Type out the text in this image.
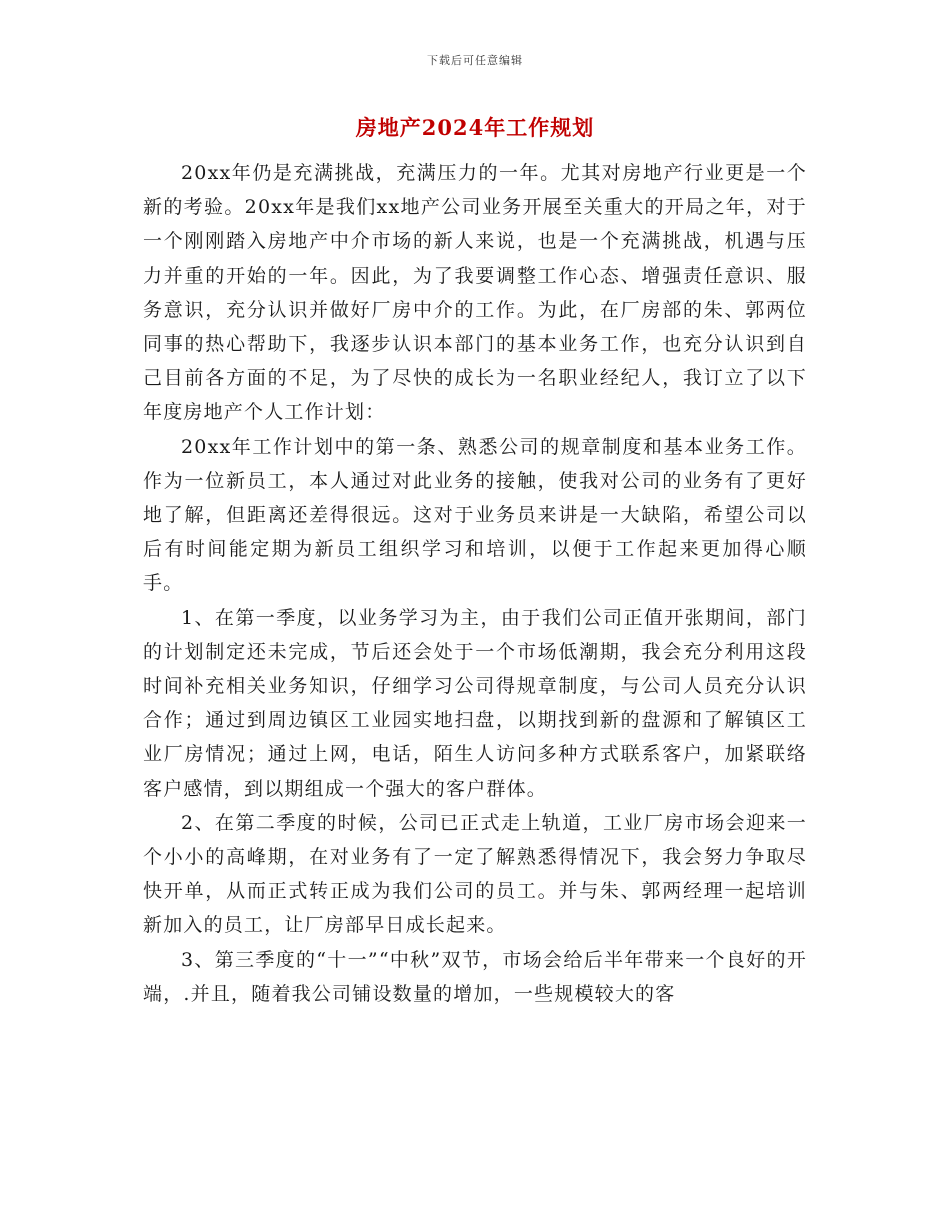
下载后可任意编辑
房地产2024年工作规划

20xx年仍是充满挑战，充满压力的一年。尤其对房地产行业更是一个新的考验。20xx年是我们xx地产公司业务开展至关重大的开局之年，对于一个刚刚踏入房地产中介市场的新人来说，也是一个充满挑战，机遇与压力并重的开始的一年。因此，为了我要调整工作心态、增强责任意识、服务意识，充分认识并做好厂房中介的工作。为此，在厂房部的朱、郭两位同事的热心帮助下，我逐步认识本部门的基本业务工作，也充分认识到自己目前各方面的不足，为了尽快的成长为一名职业经纪人，我订立了以下年度房地产个人工作计划：

20xx年工作计划中的第一条、熟悉公司的规章制度和基本业务工作。作为一位新员工，本人通过对此业务的接触，使我对公司的业务有了更好地了解，但距离还差得很远。这对于业务员来讲是一大缺陷，希望公司以后有时间能定期为新员工组织学习和培训，以便于工作起来更加得心顺手。

1、在第一季度，以业务学习为主，由于我们公司正值开张期间，部门的计划制定还未完成，节后还会处于一个市场低潮期，我会充分利用这段时间补充相关业务知识，仔细学习公司得规章制度，与公司人员充分认识合作；通过到周边镇区工业园实地扫盘，以期找到新的盘源和了解镇区工业厂房情况；通过上网，电话，陌生人访问多种方式联系客户，加紧联络客户感情，到以期组成一个强大的客户群体。

2、在第二季度的时候，公司已正式走上轨道，工业厂房市场会迎来一个小小的高峰期，在对业务有了一定了解熟悉得情况下，我会努力争取尽快开单，从而正式转正成为我们公司的员工。并与朱、郭两经理一起培训新加入的员工，让厂房部早日成长起来。

3、第三季度的“十一”“中秋”双节，市场会给后半年带来一个良好的开端，.并且，随着我公司铺设数量的增加，一些规模较大的客
